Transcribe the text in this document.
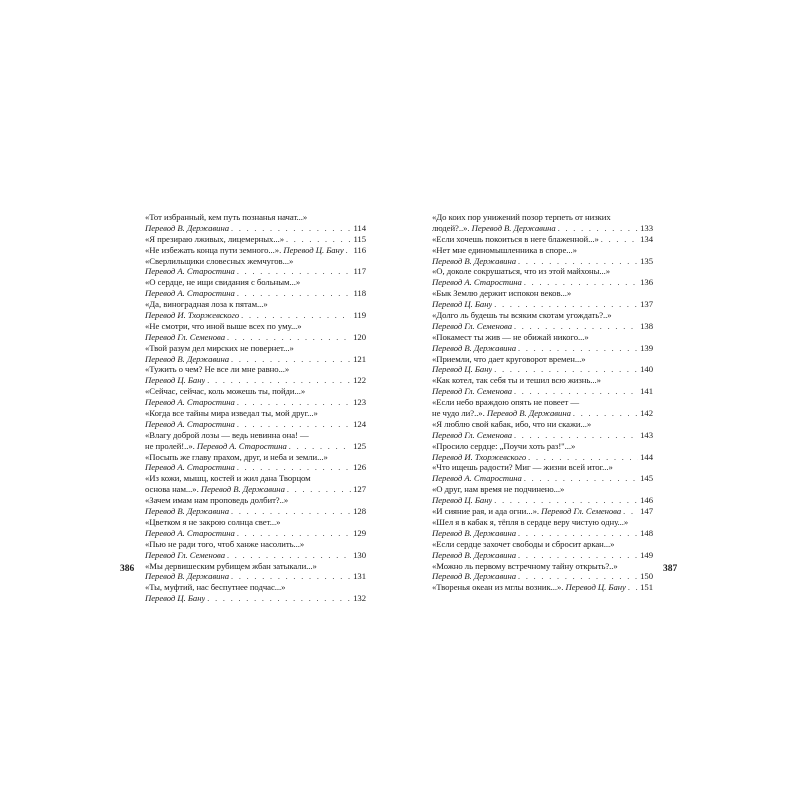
«Тот избранный, кем путь познанья начат...»
Перевод В. Державина . . .	114
«Я презираю лживых, лицемерных...» . . .	115
«Не избежать конца пути земного...». Перевод Ц. Бану . . . 116
«Сверлильщики словесных жемчугов...»
Перевод А. Старостина . . .	117
«О сердце, не ищи свидания с больным...»
Перевод А. Старостина . . .	118
«Да, виноградная лоза к пятам...»
Перевод И. Тхоржевского . . .	119
«Не смотри, что иной выше всех по уму...»
Перевод Гл. Семенова . . .	120
«Твой разум дел мирских не повернет...»
Перевод В. Державина . . .	121
«Тужить о чем? Не все ли мне равно...»
Перевод Ц. Бану . . .	122
«Сейчас, сейчас, коль можешь ты, пойди...»
Перевод А. Старостина . . .	123
«Когда все тайны мира изведал ты, мой друг...»
Перевод А. Старостина . . .	124
«Влагу доброй лозы — ведь невинна она! —
не пролей!..». Перевод А. Старостина . . .	125
«Посыпь же главу прахом, друг, и неба и земли...»
Перевод А. Старостина . . .	126
«Из кожи, мышц, костей и жил дана Творцом
основа нам...». Перевод В. Державина . . .	127
«Зачем имам нам проповедь долбит?..»
Перевод В. Державина . . .	128
«Цветком я не закрою солнца свет...»
Перевод А. Старостина . . .	129
«Пью не ради того, чтоб ханже насолить...»
Перевод Гл. Семенова . . .	130
«Мы дервишеским рубищем жбан затыкали...»
Перевод В. Державина . . .	131
«Ты, муфтий, нас беспутнее подчас...»
Перевод Ц. Бану . . .	132
«До коих пор унижений позор терпеть от низких
людей?..». Перевод В. Державина . . .	133
«Если хочешь покоиться в неге блаженной...» . . .	134
«Нет мне единомышленника в споре...»
Перевод В. Державина . . .	135
«О, доколе сокрушаться, что из этой майхоны...»
Перевод А. Старостина . . .	136
«Бык Землю держит испокон веков...»
Перевод Ц. Бану . . .	137
«Долго ль будешь ты всяким скотам угождать?..»
Перевод Гл. Семенова . . .	138
«Покамест ты жив — не обижай никого...»
Перевод В. Державина . . .	139
«Приемли, что дает круговорот времен...»
Перевод Ц. Бану . . .	140
«Как котел, так себя ты и тешил всю жизнь...»
Перевод Гл. Семенова . . .	141
«Если небо враждою опять не повеет —
не чудо ли?..». Перевод В. Державина . . .	142
«Я люблю свой кабак, ибо, что ни скажи...»
Перевод Гл. Семенова . . .	143
«Просило сердце: „Поучи хоть раз!"...»
Перевод И. Тхоржевского . . .	144
«Что ищешь радости? Миг — жизни всей итог...»
Перевод А. Старостина . . .	145
«О друг, нам время не подчинено...»
Перевод Ц. Бану . . .	146
«И сияние рая, и ада огни...». Перевод Гл. Семенова . . . 147
«Шел я в кабак я, тёпля в сердце веру чистую одну...»
Перевод В. Державина . . .	148
«Если сердце захочет свободы и сбросит аркан...»
Перевод В. Державина . . .	149
«Можно ль первому встречному тайну открыть?..»
Перевод В. Державина . . .	150
«Творенья океан из мглы возник...». Перевод Ц. Бану . . . 151
386	387
